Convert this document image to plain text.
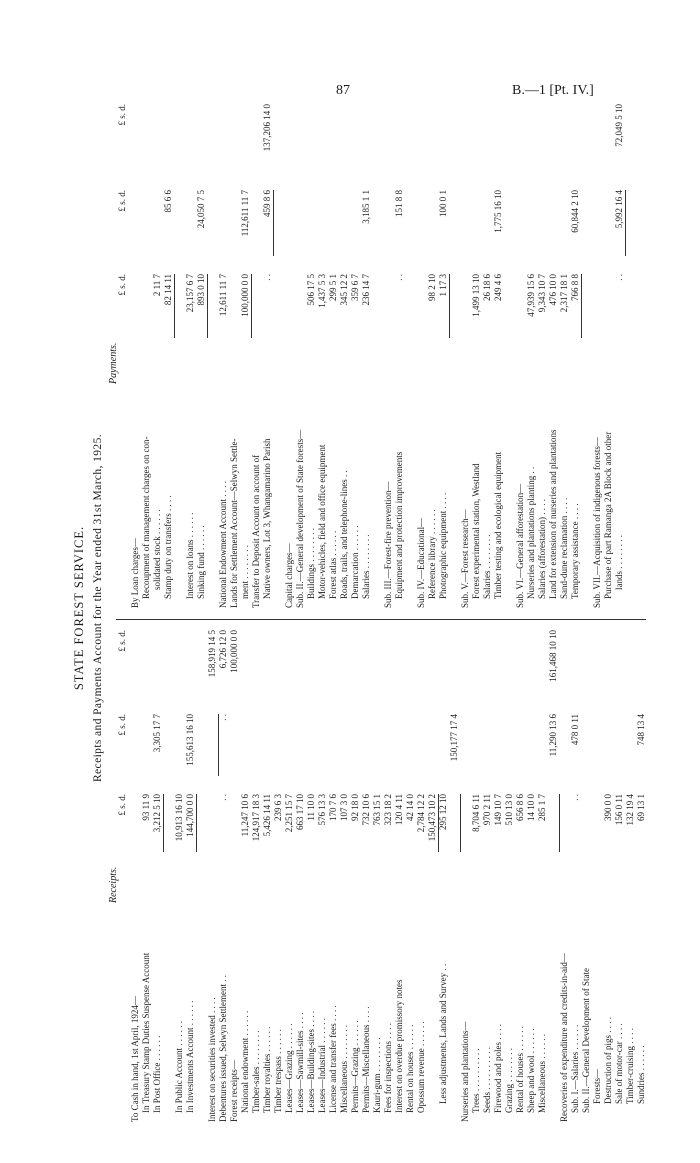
87	B.—1 [Pt. IV.]
STATE FOREST SERVICE. Receipts and Payments Account for the Year ended 31st March, 1925.
Receipts.
Payments.
£ s. d.
£ s. d.
£ s. d.
£ s. d.
£ s. d.
£ s. d.
To Cash in hand, 1st April, 1924— In Treasury Stamp Duties Suspense Account
93 11 9
In Post Office . . . . . .
3,212 5 10
3,305 17 7
In Public Account . . . . . .
10,913 16 10
In Investments Account . . . . . .
144,700 0 0
155,613 16 10
Interest on securities invested . . . .
158,919 14 5
Debentures issued, Selwyn Settlement . .
. .
. .
6,726 12 0
Forest receipts—
100,000 0 0
National endowment . . . . . .
11,247 10 6
Timber-sales . . . . . . . .
124,917 18 3
Timber royalties . . . . . .
5,426 14 11
Timber trespass . . . . . .
239 6 3
Leases—Grazing . . . . . .
2,251 15 7
Leases—Sawmill-sites . . . .
663 17 10
Leases—Building-sites . . . .
11 10 0
Leases—Industrial . . . . . .
576 13 3
License and transfer fees . . . .
170 7 6
Miscellaneous . . . . . . . .
107 3 0
Permits—Grazing . . . . . .
92 18 0
Permits—Miscellaneous . . . .
732 10 6
Kauri-gum . . . . . . . .
763 15 1
Fees for inspections . . . .
323 18 2
Interest on overdue promissory notes
120 4 11
Rental on houses . . . . . .
42 14 0
Opossum revenue . . . . . .
2,784 12 2 150,473 10 2
Less adjustments, Lands and Survey . .
295 12 10
150,177 17 4
Nurseries and plantations— Trees . . . . . . . . . .
8,704 6 11
Seeds . . . . . . . . . .
970 2 11
Firewood and poles . . . .
149 10 7
Grazing . . . . . . . .
510 13 0
Rental of houses . . . . . .
656 8 6
Sheep and wool . . . . . .
14 10 0
Miscellaneous . . . . . .
285 1 7
11,290 13 6
161,468 10 10
Recoveries of expenditure and credits-in-aid— Sub. I.—Salaries . . . . . .
. .
478 0 11
Sub. II.—General Development of State Forests— Destruction of pigs . . . .
390 0 0
Sale of motor-car . . . .
156 0 11
Timber-cruising . . . .
132 19 4
Sundries . . . . . .
69 13 1
748 13 4
By Loan charges— Recoupment of management charges on con- solidated stock . . . . . .
2 11 7
Stamp duty on transfers . . . .
82 14 11
85 6 6
Interest on loans . . . . . .
23,157 6 7
Sinking fund . . . . . .
893 0 10
24,050 7 5
National Endowment Account . . . .
12,611 11 7
Lands for Settlement Account—Selwyn Settle- ment . . . . . . . .
100,000 0 0
112,611 11 7
Transfer to Deposit Account on account of Native owners, Lot 3, Whangamarino Parish
. .
459 8 6
137,206 14 0
Capital charges— Sub. II.—General development of State forests— Buildings . . . . . . . .
506 17 5
Motor-vehicles, field and office equipment
1,437 5 3
Forest atlas . . . . . .
299 5 1
Roads, trails, and telephone-lines . .
345 12 2
Demarcation . . . . . .
359 6 7
Salaries . . . . . . . .
236 14 7
3,185 1 1
Sub. III.—Forest-fire prevention— Equipment and protection improvements
. .
151 8 8
Sub. IV.—Educational— Reference library . . . . . .
98 2 10
Photographic equipment . . . .
1 17 3
100 0 1
Sub. V.—Forest research— Forest experimental station, Westland
1,499 13 10
Salaries . . . . . . . .
26 18 6
Timber testing and ecological equipment
249 4 6
1,775 16 10
Sub. VI.—General afforestation— Nurseries and plantations planting . .
47,939 15 6
Salaries (afforestation) . . . .
9,343 10 7
Land for extension of nurseries and plantations
476 10 0
Sand-dune reclamation . . . .
2,317 18 1
Temporary assistance . . . .
766 8 8
60,844 2 10
Sub. VII.—Acquisition of indigenous forests— Purchase of part Ramanga 2A Block and other lands . . . . . . . .
. .
5,992 16 4
72,049 5 10
